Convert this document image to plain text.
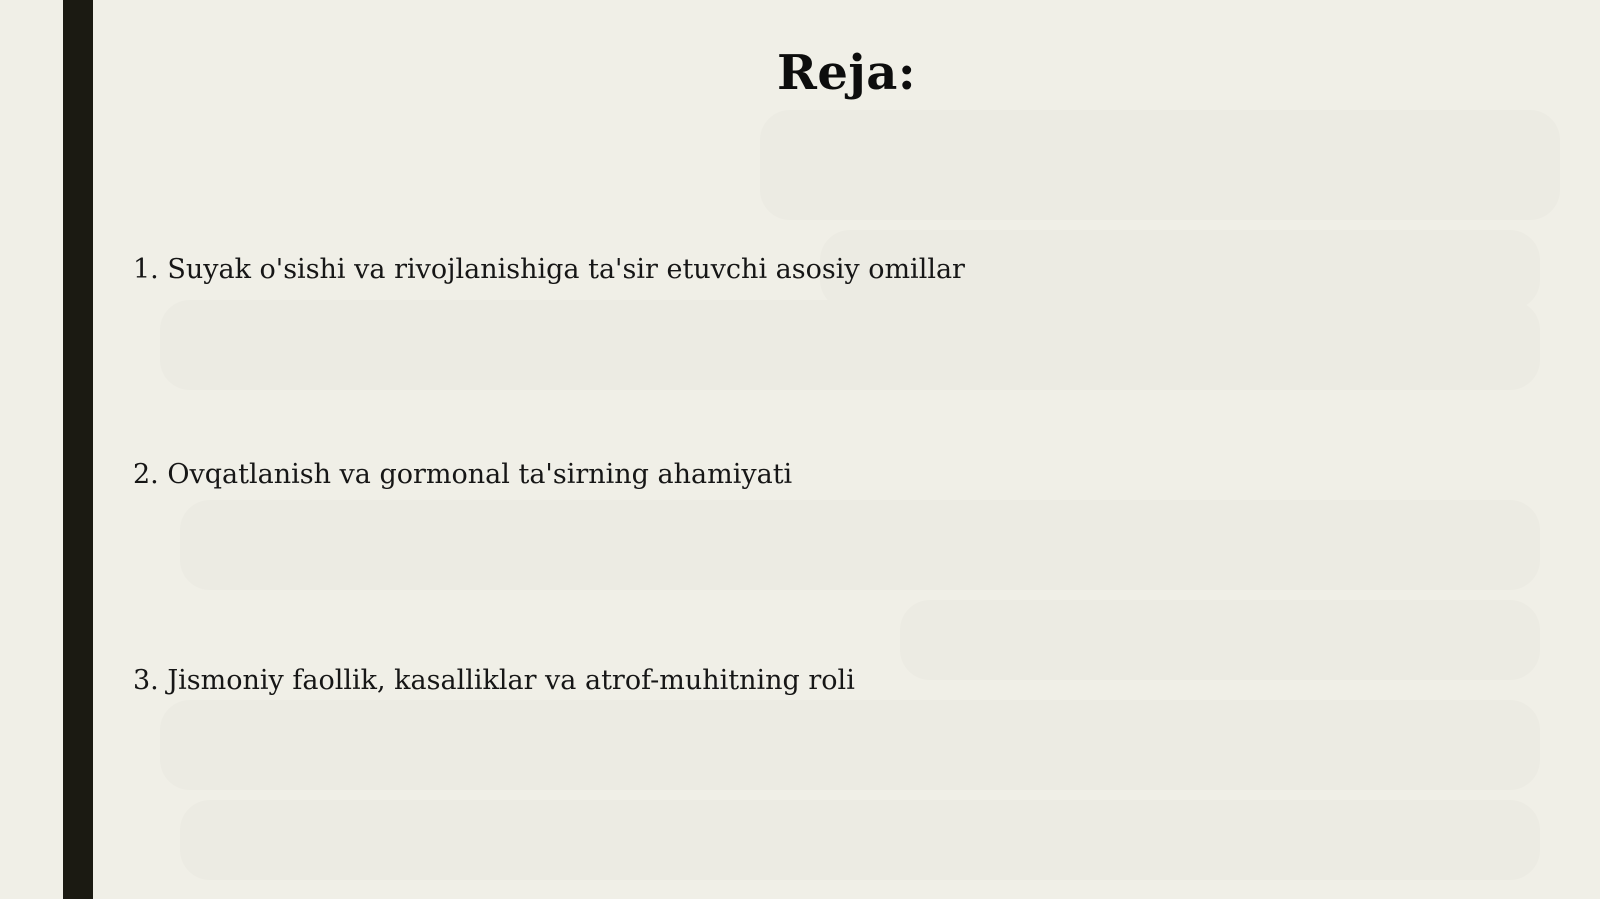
Reja:
1. Suyak o'sishi va rivojlanishiga ta'sir etuvchi asosiy omillar
2. Ovqatlanish va gormonal ta'sirning ahamiyati
3. Jismoniy faollik, kasalliklar va atrof-muhitning roli
